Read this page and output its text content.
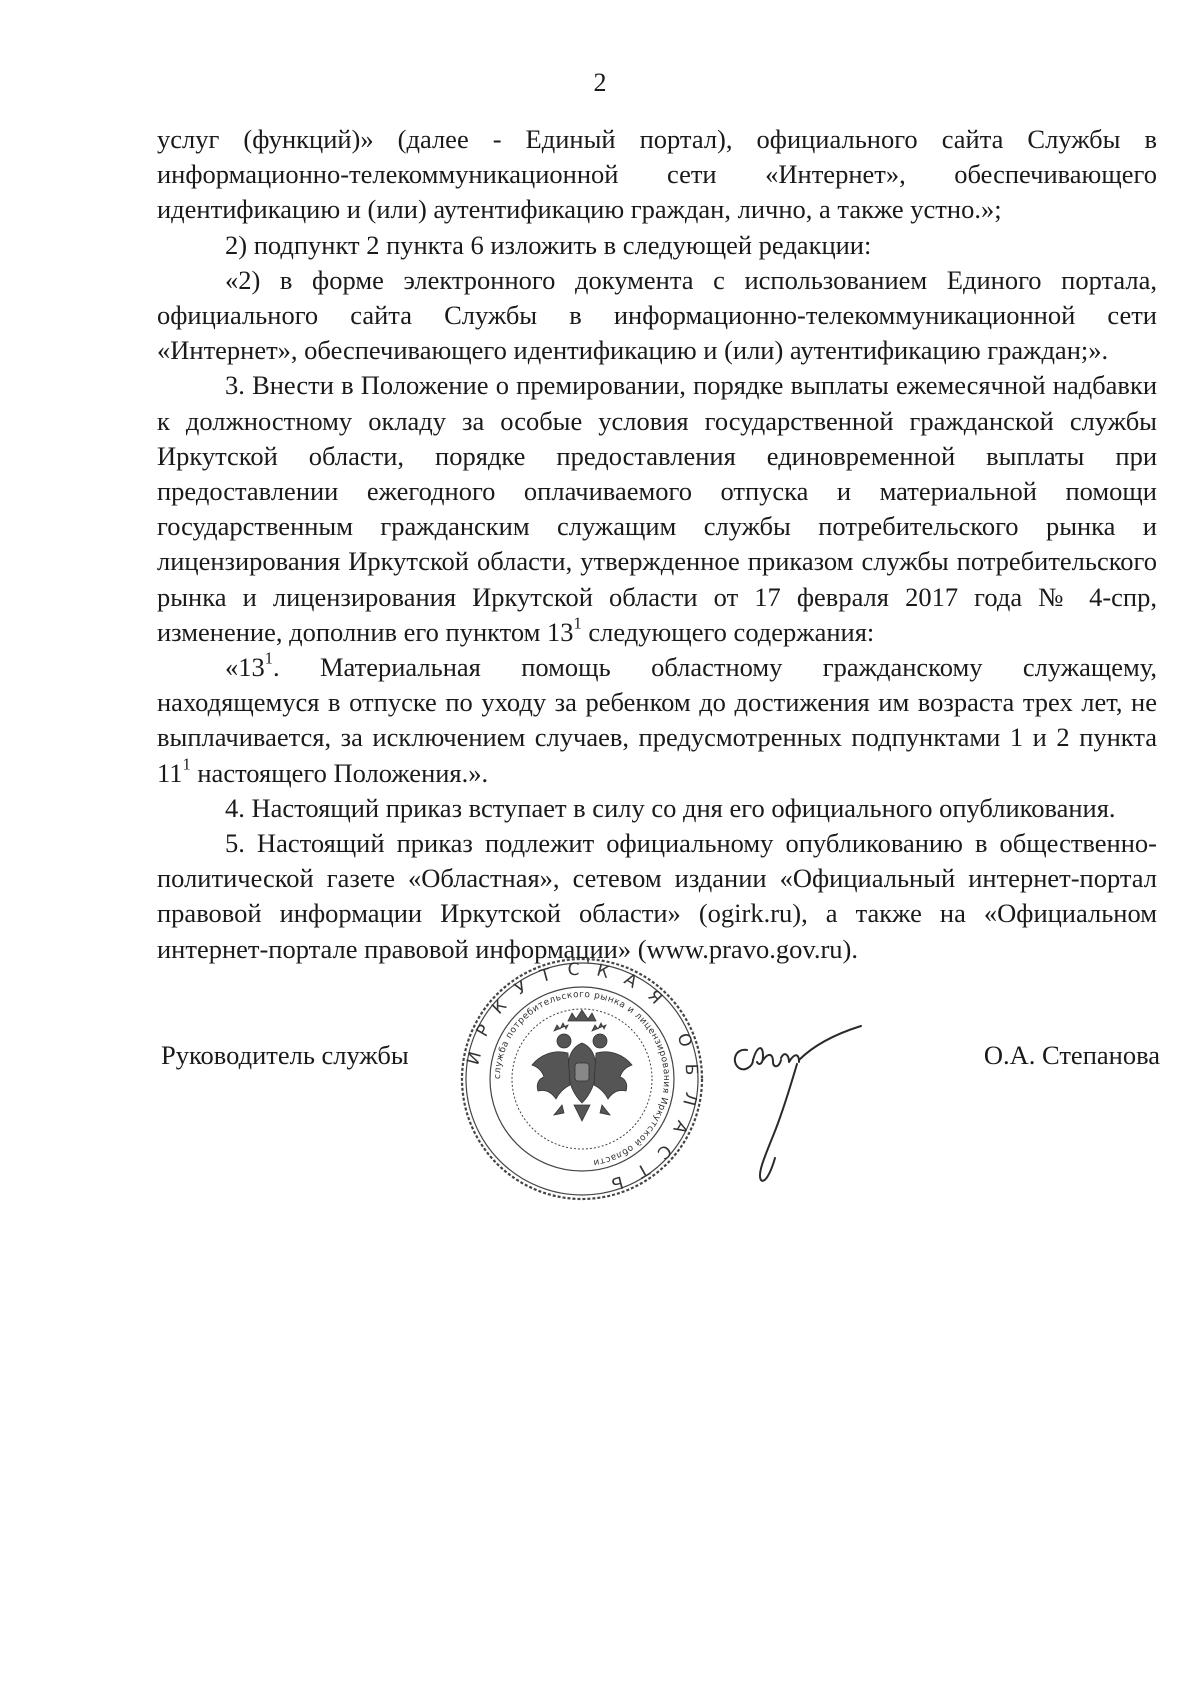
2

услуг (функций)» (далее - Единый портал), официального сайта Службы в информационно-телекоммуникационной сети «Интернет», обеспечивающего идентификацию и (или) аутентификацию граждан, лично, а также устно.»;

2) подпункт 2 пункта 6 изложить в следующей редакции:

«2) в форме электронного документа с использованием Единого портала, официального сайта Службы в информационно-телекоммуникационной сети «Интернет», обеспечивающего идентификацию и (или) аутентификацию граждан;».

3. Внести в Положение о премировании, порядке выплаты ежемесячной надбавки к должностному окладу за особые условия государственной гражданской службы Иркутской области, порядке предоставления единовременной выплаты при предоставлении ежегодного оплачиваемого отпуска и материальной помощи государственным гражданским служащим службы потребительского рынка и лицензирования Иркутской области, утвержденное приказом службы потребительского рынка и лицензирования Иркутской области от 17 февраля 2017 года № 4-спр, изменение, дополнив его пунктом $13^1$ следующего содержания:

«$13^1$. Материальная помощь областному гражданскому служащему, находящемуся в отпуске по уходу за ребенком до достижения им возраста трех лет, не выплачивается, за исключением случаев, предусмотренных подпунктами 1 и 2 пункта $11^1$ настоящего Положения.».

4. Настоящий приказ вступает в силу со дня его официального опубликования.

5. Настоящий приказ подлежит официальному опубликованию в общественно-политической газете «Областная», сетевом издании «Официальный интернет-портал правовой информации Иркутской области» (ogirk.ru), а также на «Официальном интернет-портале правовой информации» (www.pravo.gov.ru).

Руководитель службы	О.А. Степанова
ИРКУТСКАЯ ОБЛАСТЬ
служба потребительского рынка и лицензирования Иркутской области
